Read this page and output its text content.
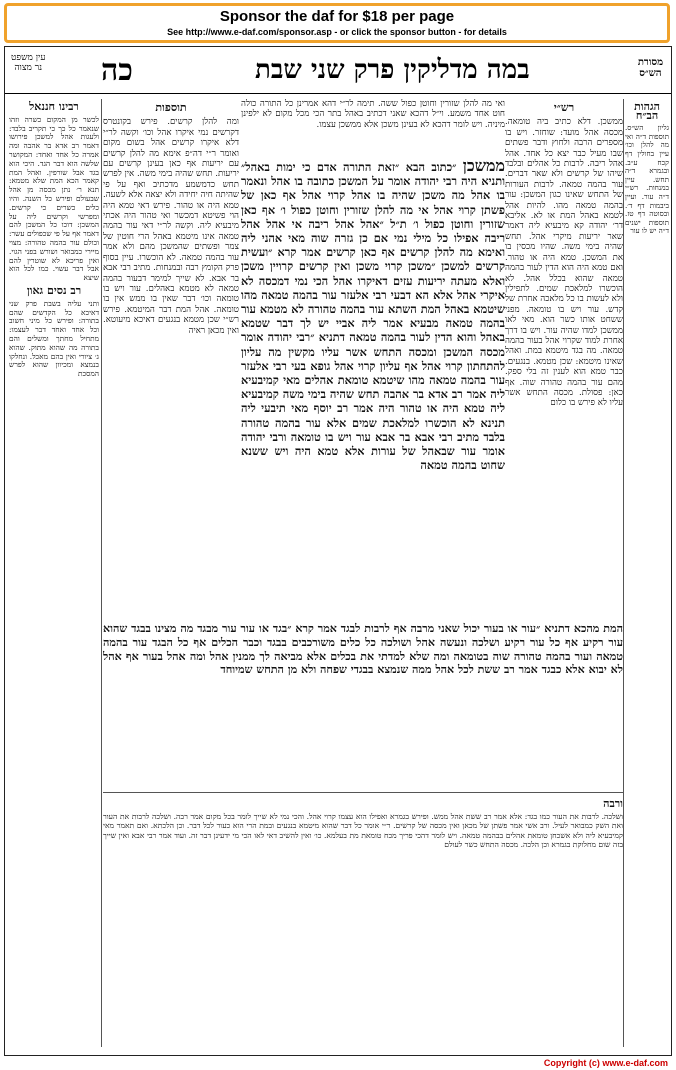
Sponsor the daf for $18 per page
See http://www.e-daf.com/sponsor.asp - or click the sponsor button - for details
עין משפט
נר מצוה	כה	במה מדליקין פרק שני שבת	מסורת
הש״ס
הגהות הב״ח

גליון הש״ס. תוספות ד״ה ואי מה להלן וכו׳ עיין בחולין דף קכח ע״ב. ובגמרא ד״ה תחש. עיין במנחות. רש״י ד״ה עור. ועיין ביבמות דף ד׳. ובסוטה דף טז. תוספות ישנים ד״ה יש לו עור

רש״י

ממשכן. דלא כתיב ביה טומאה. מכסה אהל מועד: שוחזר. ויש בו מספרים הרבה ולחוץ ודבר פשתים שבו מעיל כבר יצא כל אחד. אהל אהל ריבה. לרבות כל אהלים ובלבד שיהו של קרשים ולא שאר דברים. עור בהמה טמאה. לרבות העורות של התחש שאינו כגון המשכן: עור בהמה טמאה מהו. להיות אהל לטמא באהל המת או לא. אליבא דר׳ יהודה קא מיבעיא ליה דאמר שאר יריעות מיקרי אהל. תחש שהיה בימי משה. שהיו מכסין בו את המשכן. טמא היה או טהור. ואם טמא היה הוא הדין לעור בהמה טמאה שהוא בכלל אהל. לא הוכשרו למלאכת שמים. לתפילין ולא לעשות בו כל מלאכה אחרת של קדש. עור ויש בו טומאה. מפני ששחט אותו כשר הוא. מאי לאו ממשכן למדו שהיה עור. ויש בו דרך אחרת למוד שקרוי אהל בעור בהמה טמאה. מה בגד מיטמא במת. ואהל שאינו מיטמא: שכן מטמא. בנגעים. כבר טמא הוא לענין זה בלי ספק. מהם עור בהמה טהורה שוה. אף כאן: פסולת. מכסה התחש אשר עליו לא פירש בו כלום

ואי מה להלן שזורין וחוטן כפול ששה. תימה לר״י דהא אמרינן כל התורה כולה חוט אחד משמע. וי״ל דהכא שאני דכתיב באהל בתר הכי מכל מקום לא ילפינן מיניה. ויש לומר דהכא לא בעינן משכן אלא ממשכן עצמו.

ממשכן ״כתוב הבא ״זאת התורה אדם כי ימות באהל״ ותניא היה רבי יהודה אומר על המשכן כתובה בו אהל ונאמר בו אהל מה משכן שהיה בו אהל קרוי אהל אף כאן של פשתן קרוי אהל אי מה להלן שזורין וחוטן כפול ו׳ אף כאן שזורין וחוטן כפול ו׳ ת״ל ״אהל אהל ריבה אי אהל אהל ריבה אפילו כל מילי נמי אם כן גזרה שוה מאי אהני ליה ואימא מה להלן קרשים אף כאן קרשים אמר קרא ״ועשית קרשים למשכן ״משכן קרוי משכן ואין קרשים קרויין משכן ואלא מעתה יריעות עזים דאיקרו אהל הכי נמי דמכסה לא איקרי אהל אלא הא דבעי רבי אלעזר עור בהמה טמאה מהו שיטמא באהל המת השתא עור בהמה טהורה לא מטמא עור בהמה טמאה מבעיא אמר ליה אביי יש לך דבר שטמא באהל והוא הדין לעור בהמה טמאה דתניא ״רבי יהודה אומר מכסה המשכן ומכסה התחש אשר עליו מקשין מה עליון להתחתון קרוי אהל אף עליון קרוי אהל גופא בעי רבי אלעזר עור בהמה טמאה מהו שיטמא טומאת אהלים מאי קמיבעיא ליה אמר רב אדא בר אהבה תחש שהיה בימי משה קמיבעיא ליה טמא היה או טהור היה אמר רב יוסף מאי תיבעי ליה תנינא לא הוכשרו למלאכת שמים אלא עור בהמה טהורה בלבד מתיב רבי אבא בר אבא עור ויש בו טומאה ורבי יהודה אומר עור שבאהל של עורות אלא טמא היה ויש ששנא שחוט בהמה טמאה

תוספות

ומה להלן קרשים. פירש בקונטרס דקרשים נמי איקרו אהל וכו׳ וקשה לר״י דלא איקרו קרשים אהל בשום מקום ואומר ר״י דה״פ אימא מה להלן קרשים עם יריעות אף כאן בעינן קרשים עם יריעות. תחש שהיה בימי משה. אין לפרש תחש כדמשמע מדכתיב ואף על פי שהיתה חיה יחידה ולא יצאה אלא לשעה. טמא היה או טהור. פירש דאי טמא היה הוי פשיטא דמכשר ואי טהור היה אכתי מיבעיא ליה. וקשה לר״י דאי עור בהמה טמאה אינו מיטמא באהל הרי חוטין של צמר ופשתים שהמשכן מהם ולא אמר עור בהמה טמאה. לא הוכשרו. עיין בסוף פרק הקומץ רבה ובמנחות. מתיב רבי אבא בר אבא. לא שייך למימר דבעור בהמה טמאה לא מטמא באהלים. עור ויש בו טומאה וכו׳ דבר שאין בו ממש אין בו טומאה. אהל המת דבר המיטמא. פירש רש״י שכן מטמא בנגעים דאיכא מיעוטא. ואין מכאן ראיה

המת מהכא דתניא ״עור או בעור יכול שאני מרבה אף לרבות לבגד אמר קרא ״בגד או עור עור מבגד מה מצינו בבגד שהוא עור רקיע אף כל עור רקיע ושלכה ונעשה אהל ושולכה כל כלים משורכבים בבגד וכבר הכלים אף כל הבגד עור בהמה טמאה ועור בהמה טהורה שוה בטומאה ומה שלא למדתי את בכלים אלא מביאה לך ממנין אהל ומה אהל בעור אף אהל לא יבוא אלא כבגד אמר רב ששת לכל אהל ממה שנמצא בבגדי שפחה ולא מן התחש שמיוחד

ורבה

ושלכה. לרבות את העור כמו בגד: אלא אמר רב ששת אהל ממש. ופירש בגמרא ואפילו הוא עצמו קרוי אהל. והכי נמי לא שייך לומר בכל מקום אמר רבה. ושלכה לרבות את העור ואת השק כמבואר לעיל. ורב אשי אמר פשתן של מכאן ואין מכסה של קרשים. ר״י אומר כל דבר שהוא מיטמא בנגעים ובמת הרי הוא כעור לכל דבר. וכן הלכתא. ואם תאמר מאי קמיבעיא ליה ולא אשכחן טומאת אהלים בבהמה טמאה. ויש לומר דהכי פריך מכח טומאת מת בעלמא. כו׳ ואין להשיב דאי לאו הכי מי ידעינן דבר זה. ועוד אמר רבי אבא ואין שייך בזה שום מחלוקת בגמרא וכן הלכה. מכסה התחש כשר לעולם

רבינו חננאל

לכשר מן המקום כשרה וזהו שנאמר כל כך כי תקריב בלבד: ולעגות אהל למשכן פירושו דאמר רב אדא בר אהבה ומה אמרה כל אחד ואחד: המקושר שלשה הוא דבר הגד. היכי הוא בגד אבל שורפין. ואהל המת קאמר הכא המת שלא מטמא: תנא ר׳ נתן מכסה מן אהל שבעולם ופירש כל השנה. והיו כלים כשרים כי קרשים. ומפרשי וקרשים ליה על המשכן: דוכו כל המשכן להם דאמר אף על פי שכפולים עשר: וכולם עור בהמה טהורה: מצוי מיירי כמבואר ושורש בפני הגוי. ואין פריכא לא שוטרין להם אבל דבר עשוי. כמו לכל הוא שיצא

רב נסים גאון

ותני עליה בשבת פרק שני דאיכא כל הקדשים שהם בתורה: ופירש כל מיני חשוב וכל אחד ואחד דבר לעצמו: מתחיל מחתך ומשלים והם בתורה מה שהוא מתוק. שהוא ג׳ ציורי ואין בהם מאכל. ונחלקו בנמצא ומכיוון שהוא לפרש המסכת

Copyright (c) www.e-daf.com
